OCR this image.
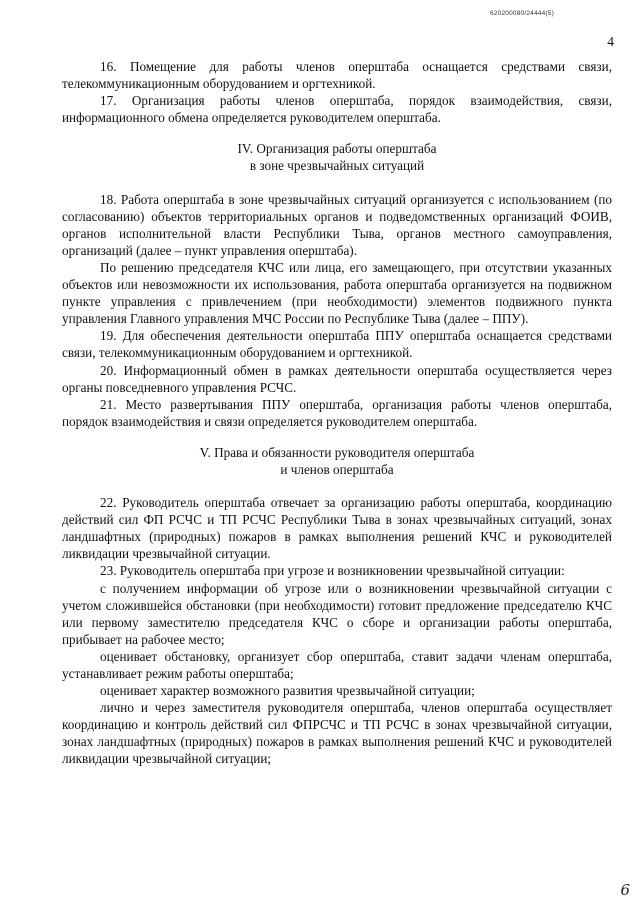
620200080/24444(5)
4

16. Помещение для работы членов оперштаба оснащается средствами связи, телекоммуникационным оборудованием и оргтехникой.

17. Организация работы членов оперштаба, порядок взаимодействия, связи, информационного обмена определяется руководителем оперштаба.

IV. Организация работы оперштаба
в зоне чрезвычайных ситуаций

18. Работа оперштаба в зоне чрезвычайных ситуаций организуется с использованием (по согласованию) объектов территориальных органов и подведомственных организаций ФОИВ, органов исполнительной власти Республики Тыва, органов местного самоуправления, организаций (далее – пункт управления оперштаба).

По решению председателя КЧС или лица, его замещающего, при отсутствии указанных объектов или невозможности их использования, работа оперштаба организуется на подвижном пункте управления с привлечением (при необходимости) элементов подвижного пункта управления Главного управления МЧС России по Республике Тыва (далее – ППУ).

19. Для обеспечения деятельности оперштаба ППУ оперштаба оснащается средствами связи, телекоммуникационным оборудованием и оргтехникой.

20. Информационный обмен в рамках деятельности оперштаба осуществляется через органы повседневного управления РСЧС.

21. Место развертывания ППУ оперштаба, организация работы членов оперштаба, порядок взаимодействия и связи определяется руководителем оперштаба.

V. Права и обязанности руководителя оперштаба
и членов оперштаба

22. Руководитель оперштаба отвечает за организацию работы оперштаба, координацию действий сил ФП РСЧС и ТП РСЧС Республики Тыва в зонах чрезвычайных ситуаций, зонах ландшафтных (природных) пожаров в рамках выполнения решений КЧС и руководителей ликвидации чрезвычайной ситуации.

23. Руководитель оперштаба при угрозе и возникновении чрезвычайной ситуации:

с получением информации об угрозе или о возникновении чрезвычайной ситуации с учетом сложившейся обстановки (при необходимости) готовит предложение председателю КЧС или первому заместителю председателя КЧС о сборе и организации работы оперштаба, прибывает на рабочее место;

оценивает обстановку, организует сбор оперштаба, ставит задачи членам оперштаба, устанавливает режим работы оперштаба;

оценивает характер возможного развития чрезвычайной ситуации;

лично и через заместителя руководителя оперштаба, членов оперштаба осуществляет координацию и контроль действий сил ФПРСЧС и ТП РСЧС в зонах чрезвычайной ситуации, зонах ландшафтных (природных) пожаров в рамках выполнения решений КЧС и руководителей ликвидации чрезвычайной ситуации;

6
